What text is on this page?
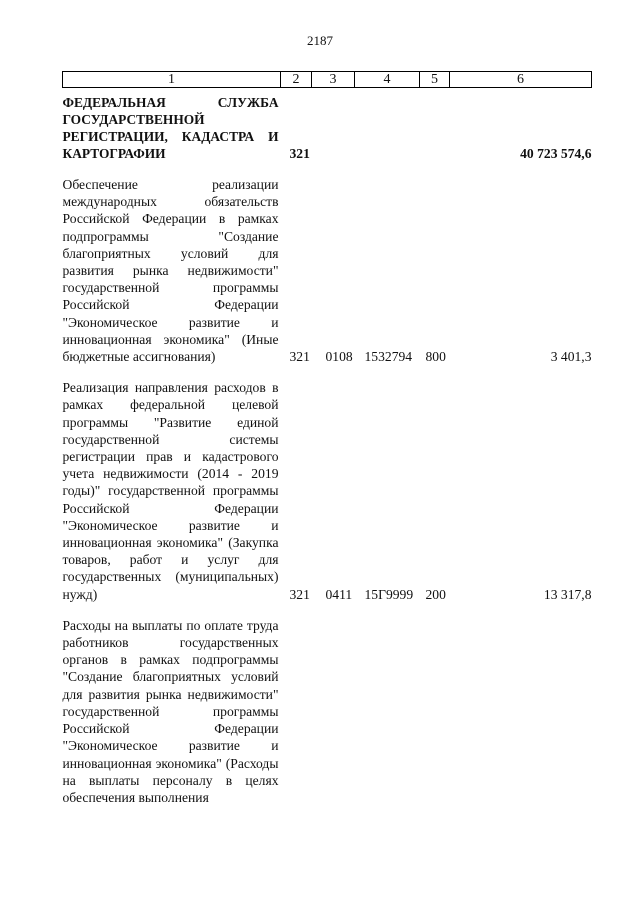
2187
1	2	3	4	5	6
ФЕДЕРАЛЬНАЯ СЛУЖБА ГОСУДАРСТВЕННОЙ РЕГИСТРАЦИИ, КАДАСТРА И КАРТОГРАФИИ	321				40 723 574,6

Обеспечение реализации международных обязательств Российской Федерации в рамках подпрограммы "Создание благоприятных условий для развития рынка недвижимости" государственной программы Российской Федерации "Экономическое развитие и инновационная экономика" (Иные бюджетные ассигнования)	321	0108	1532794	800	3 401,3

Реализация направления расходов в рамках федеральной целевой программы "Развитие единой государственной системы регистрации прав и кадастрового учета недвижимости (2014 - 2019 годы)" государственной программы Российской Федерации "Экономическое развитие и инновационная экономика" (Закупка товаров, работ и услуг для государственных (муниципальных) нужд)	321	0411	15Г9999	200	13 317,8

Расходы на выплаты по оплате труда работников государственных органов в рамках подпрограммы "Создание благоприятных условий для развития рынка недвижимости" государственной программы Российской Федерации "Экономическое развитие и инновационная экономика" (Расходы на выплаты персоналу в целях обеспечения выполнения					
